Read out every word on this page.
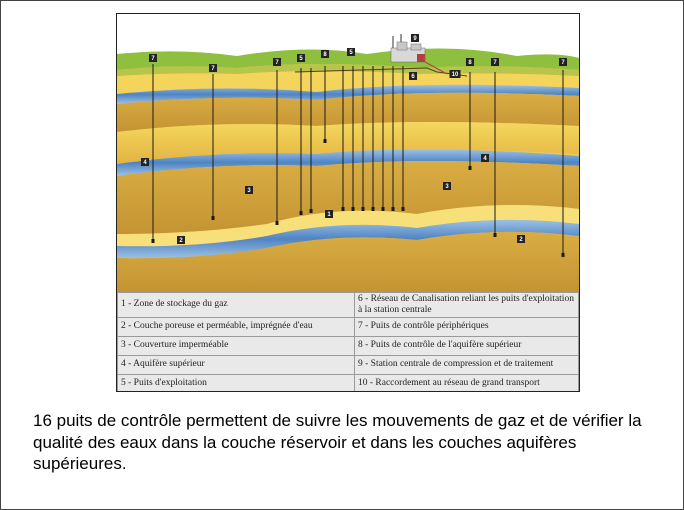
7
7
7	7	7
5
8	5
8
9
6	10
4
4
3
3
2	2
1
1 - Zone de stockage du gaz	6 - Réseau de Canalisation reliant les puits d'exploitation à la station centrale
2 - Couche poreuse et perméable, imprégnée d'eau	7 - Puits de contrôle périphériques
3 - Couverture imperméable	8 - Puits de contrôle de l'aquifère supérieur
4 - Aquifère supérieur	9 - Station centrale de compression et de traitement
5 - Puits d'exploitation	10 - Raccordement au réseau de grand transport

16 puits de contrôle permettent de suivre les mouvements de gaz et de vérifier la qualité des eaux dans la couche réservoir et dans les couches aquifères supérieures.
